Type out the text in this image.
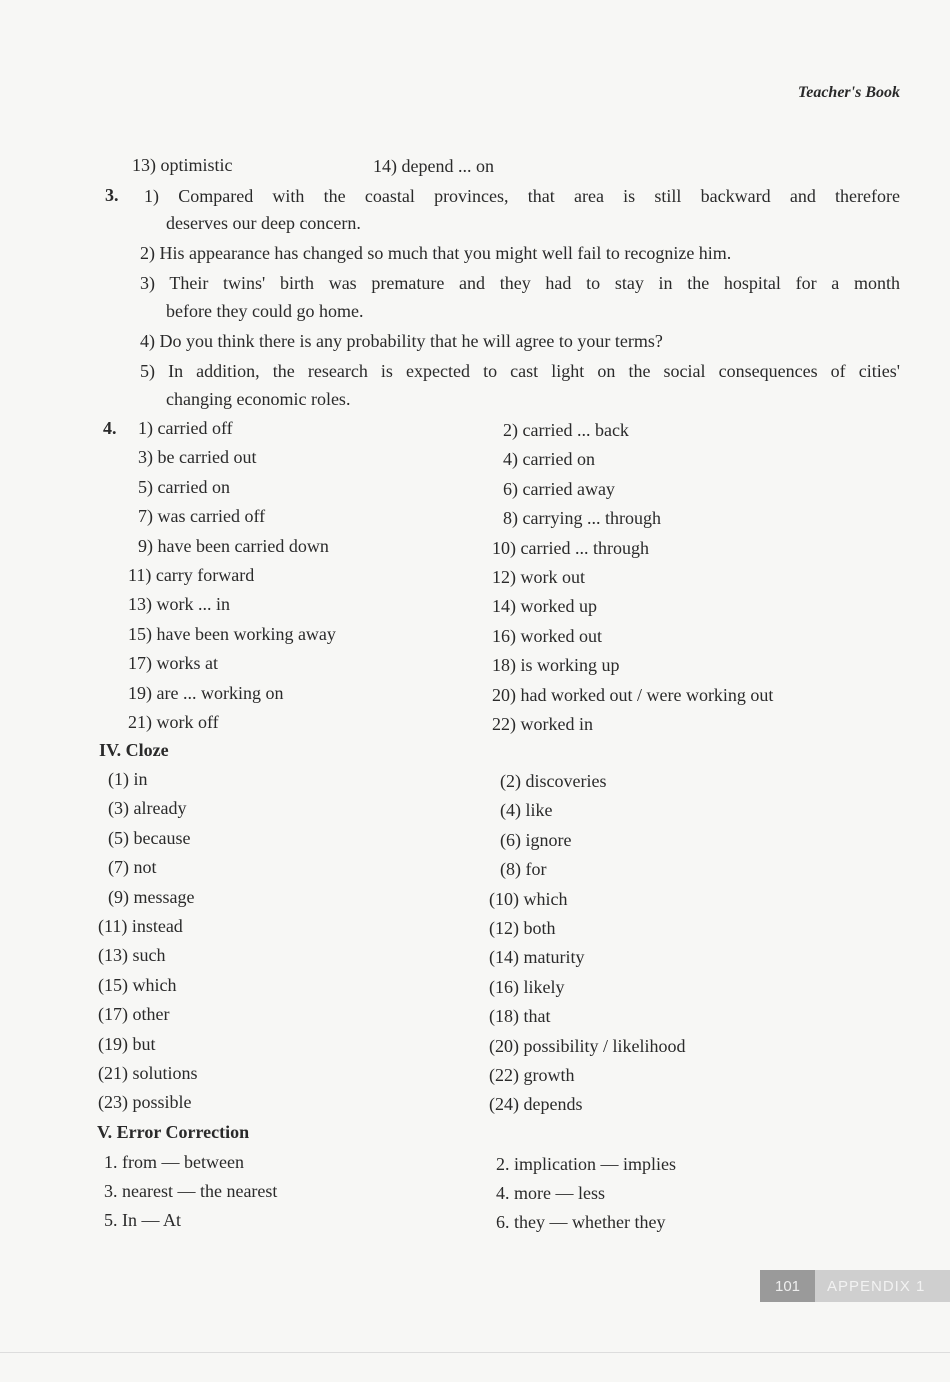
Teacher's Book
13) optimistic	14) depend ... on
3.
4.
IV. Cloze
V. Error Correction
1) Compared with the coastal provinces, that area is still backward and therefore
deserves our deep concern.
2) His appearance has changed so much that you might well fail to recognize him.
3) Their twins' birth was premature and they had to stay in the hospital for a month
before they could go home.
4) Do you think there is any probability that he will agree to your terms?
5) In addition, the research is expected to cast light on the social consequences of cities'
changing economic roles.
1) carried off	2) carried ... back
3) be carried out	4) carried on
5) carried on	6) carried away
7) was carried off	8) carrying ... through
9) have been carried down	10) carried ... through
11) carry forward	12) work out
13) work ... in	14) worked up
15) have been working away	16) worked out
17) works at	18) is working up
19) are ... working on	20) had worked out / were working out
21) work off	22) worked in
(1) in	(2) discoveries
(3) already	(4) like
(5) because	(6) ignore
(7) not	(8) for
(9) message	(10) which
(11) instead	(12) both
(13) such	(14) maturity
(15) which	(16) likely
(17) other	(18) that
(19) but	(20) possibility / likelihood
(21) solutions	(22) growth
(23) possible	(24) depends
1. from — between	2. implication — implies
3. nearest — the nearest	4. more — less
5. In — At	6. they — whether they
101	APPENDIX 1
